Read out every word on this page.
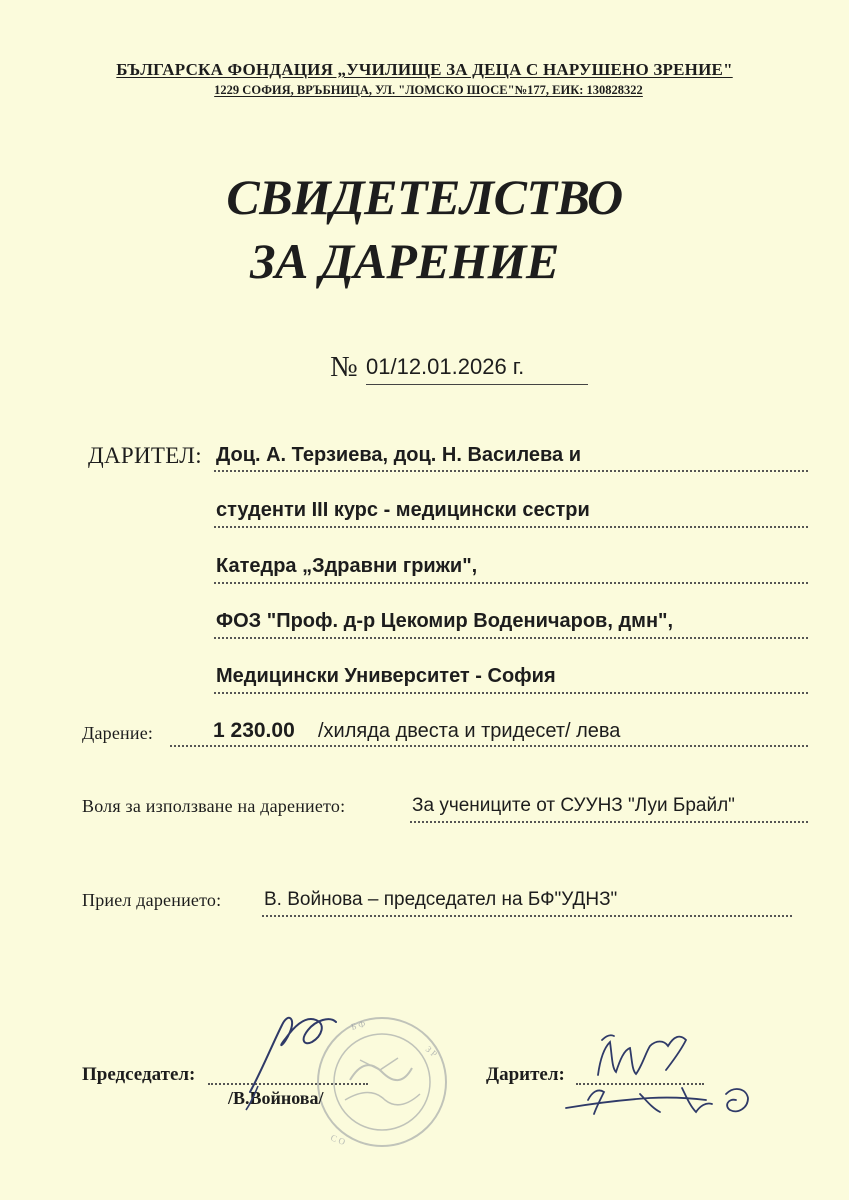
БЪЛГАРСКА ФОНДАЦИЯ „УЧИЛИЩЕ ЗА ДЕЦА С НАРУШЕНО ЗРЕНИЕ"
1229 СОФИЯ, ВРЪБНИЦА, УЛ. "ЛОМСКО ШОСЕ"№177, ЕИК: 130828322
СВИДЕТЕЛСТВО
ЗА ДАРЕНИЕ
№ 01/12.01.2026 г.
ДАРИТЕЛ: Доц. А. Терзиева, доц. Н. Василева и
студенти III курс - медицински сестри
Катедра „Здравни грижи",
ФОЗ "Проф. д-р Цекомир Воденичаров, дмн",
Медицински Университет - София
Дарение:	1 230.00 /хиляда двеста и тридесет/ лева
Воля за използване на дарението:	За учениците от СУУНЗ "Луи Брайл"
Приел дарението: В. Войнова – председател на БФ"УДНЗ"
Б Ф
З Р
С О
Председател:
/В.Войнова/
Дарител:
